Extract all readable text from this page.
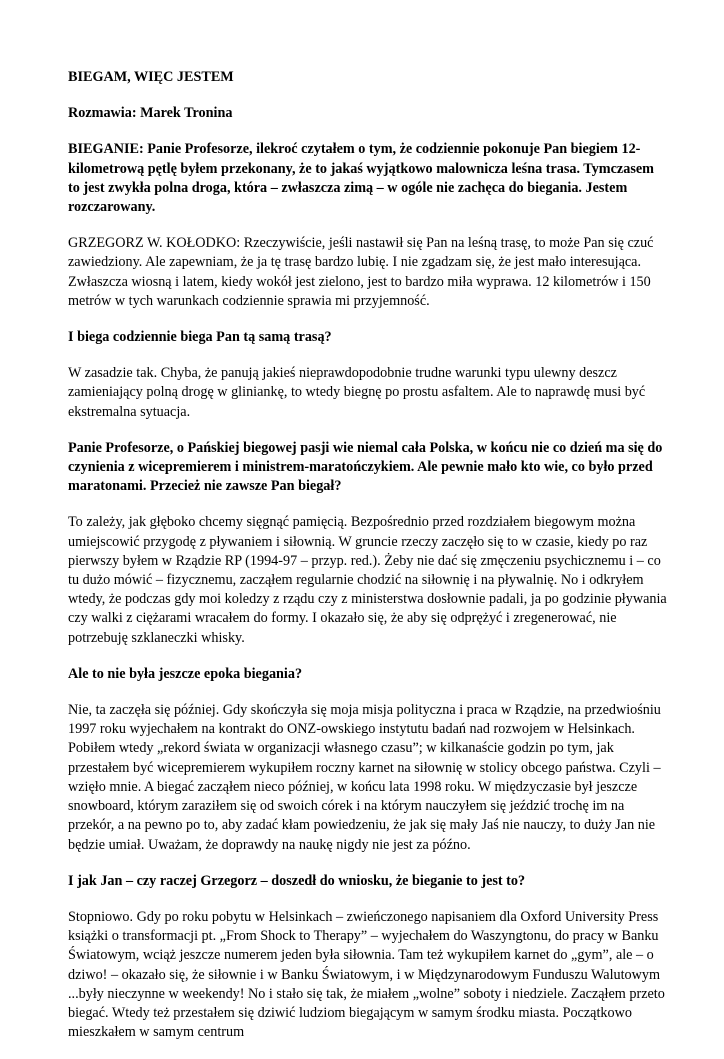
BIEGAM, WIĘC JESTEM

Rozmawia: Marek Tronina

BIEGANIE: Panie Profesorze, ilekroć czytałem o tym, że codziennie pokonuje Pan biegiem 12-kilometrową pętlę byłem przekonany, że to jakaś wyjątkowo malownicza leśna trasa. Tymczasem to jest zwykła polna droga, która – zwłaszcza zimą – w ogóle nie zachęca do biegania. Jestem rozczarowany.

GRZEGORZ W. KOŁODKO: Rzeczywiście, jeśli nastawił się Pan na leśną trasę, to może Pan się czuć zawiedziony. Ale zapewniam, że ja tę trasę bardzo lubię. I nie zgadzam się, że jest mało interesująca. Zwłaszcza wiosną i latem, kiedy wokół jest zielono, jest to bardzo miła wyprawa. 12 kilometrów i 150 metrów w tych warunkach codziennie sprawia mi przyjemność.

I biega codziennie biega Pan tą samą trasą?

W zasadzie tak. Chyba, że panują jakieś nieprawdopodobnie trudne warunki typu ulewny deszcz zamieniający polną drogę w gliniankę, to wtedy biegnę po prostu asfaltem. Ale to naprawdę musi być ekstremalna sytuacja.

Panie Profesorze, o Pańskiej biegowej pasji wie niemal cała Polska, w końcu nie co dzień ma się do czynienia z wicepremierem i ministrem-maratończykiem. Ale pewnie mało kto wie, co było przed maratonami. Przecież nie zawsze Pan biegał?

To zależy, jak głęboko chcemy sięgnąć pamięcią. Bezpośrednio przed rozdziałem biegowym można umiejscowić przygodę z pływaniem i siłownią. W gruncie rzeczy zaczęło się to w czasie, kiedy po raz pierwszy byłem w Rządzie RP (1994-97 – przyp. red.). Żeby nie dać się zmęczeniu psychicznemu i – co tu dużo mówić – fizycznemu, zacząłem regularnie chodzić na siłownię i na pływalnię. No i odkryłem wtedy, że podczas gdy moi koledzy z rządu czy z ministerstwa dosłownie padali, ja po godzinie pływania czy walki z ciężarami wracałem do formy. I okazało się, że aby się odprężyć i zregenerować, nie potrzebuję szklaneczki whisky.

Ale to nie była jeszcze epoka biegania?

Nie, ta zaczęła się później. Gdy skończyła się moja misja polityczna i praca w Rządzie, na przedwiośniu 1997 roku wyjechałem na kontrakt do ONZ-owskiego instytutu badań nad rozwojem w Helsinkach. Pobiłem wtedy „rekord świata w organizacji własnego czasu”; w kilkanaście godzin po tym, jak przestałem być wicepremierem wykupiłem roczny karnet na siłownię w stolicy obcego państwa. Czyli – wzięło mnie. A biegać zacząłem nieco później, w końcu lata 1998 roku. W międzyczasie był jeszcze snowboard, którym zaraziłem się od swoich córek i na którym nauczyłem się jeździć trochę im na przekór, a na pewno po to, aby zadać kłam powiedzeniu, że jak się mały Jaś nie nauczy, to duży Jan nie będzie umiał. Uważam, że doprawdy na naukę nigdy nie jest za późno.

I jak Jan – czy raczej Grzegorz – doszedł do wniosku, że bieganie to jest to?

Stopniowo. Gdy po roku pobytu w Helsinkach – zwieńczonego napisaniem dla Oxford University Press książki o transformacji pt. „From Shock to Therapy” – wyjechałem do Waszyngtonu, do pracy w Banku Światowym, wciąż jeszcze numerem jeden była siłownia. Tam też wykupiłem karnet do „gym”, ale – o dziwo! – okazało się, że siłownie i w Banku Światowym, i w Międzynarodowym Funduszu Walutowym ...były nieczynne w weekendy! No i stało się tak, że miałem „wolne” soboty i niedziele. Zacząłem przeto biegać. Wtedy też przestałem się dziwić ludziom biegającym w samym środku miasta. Początkowo mieszkałem w samym centrum
